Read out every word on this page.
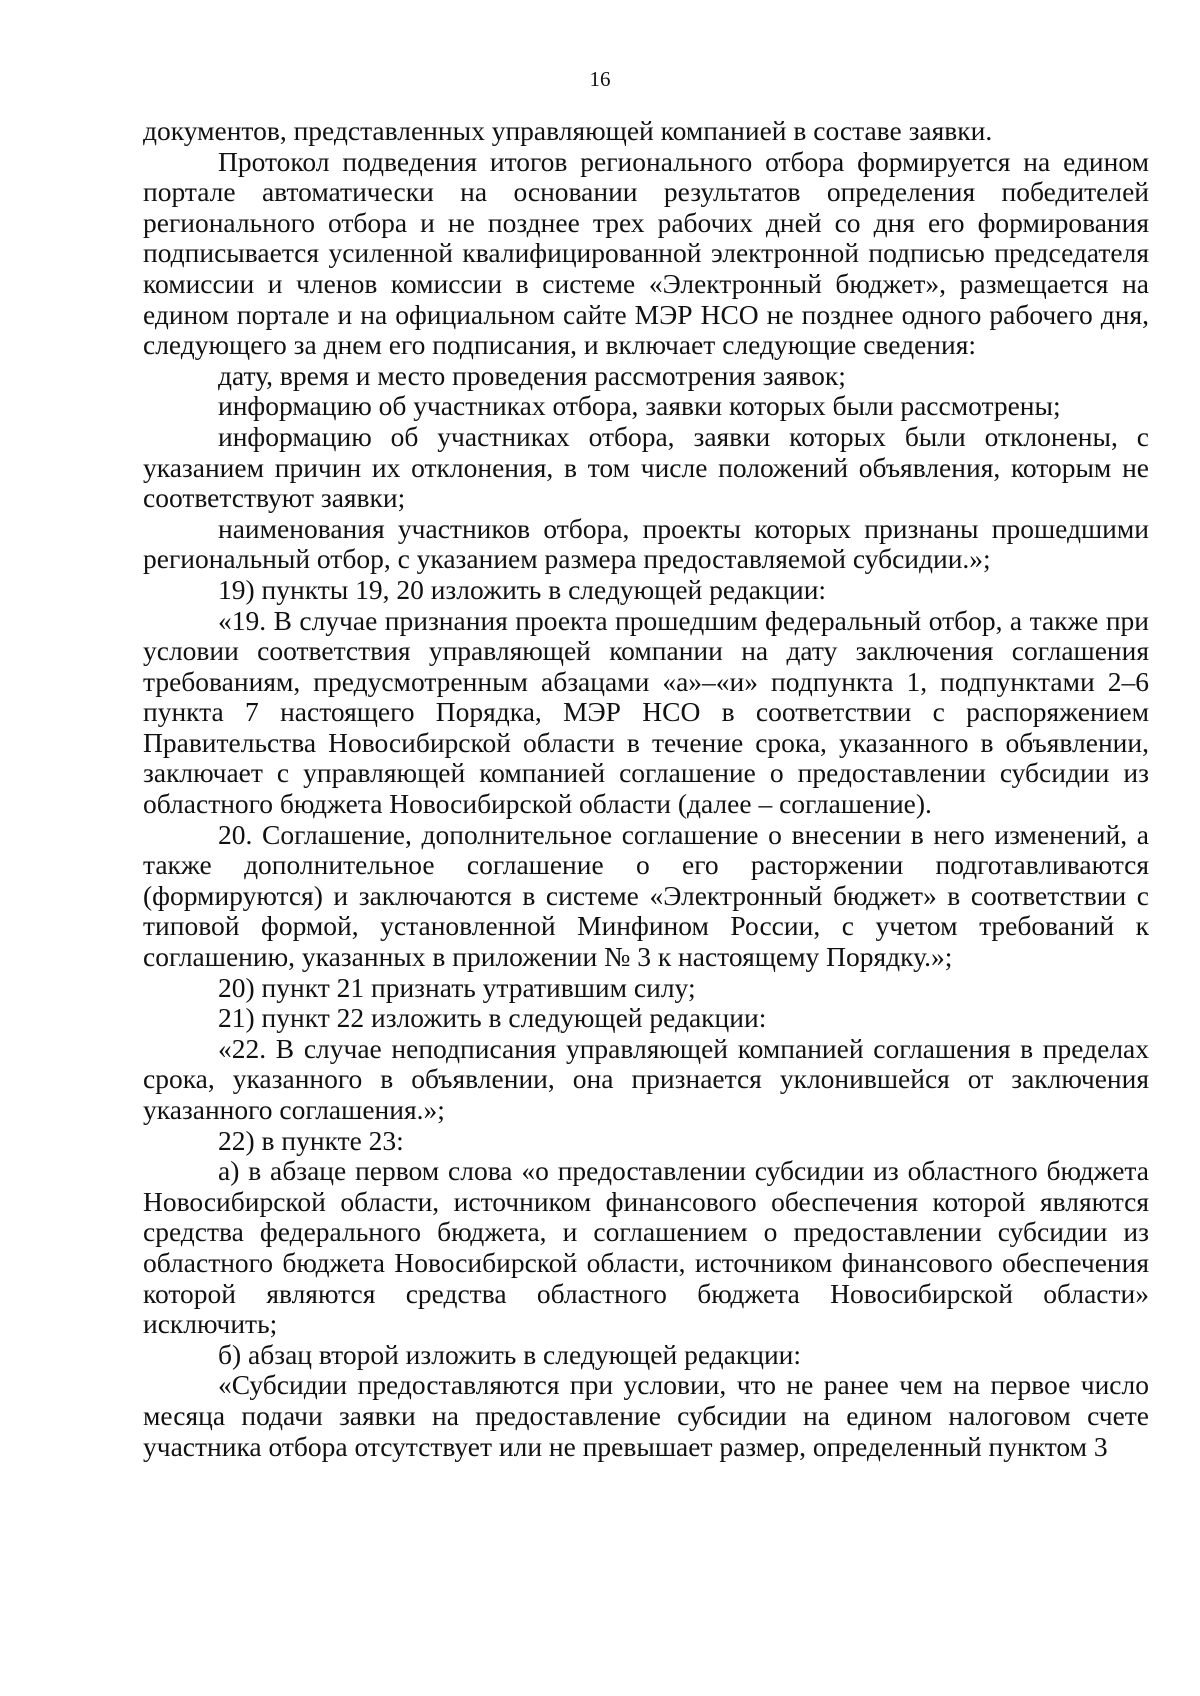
16

документов, представленных управляющей компанией в составе заявки.

Протокол подведения итогов регионального отбора формируется на едином портале автоматически на основании результатов определения победителей регионального отбора и не позднее трех рабочих дней со дня его формирования подписывается усиленной квалифицированной электронной подписью председателя комиссии и членов комиссии в системе «Электронный бюджет», размещается на едином портале и на официальном сайте МЭР НСО не позднее одного рабочего дня, следующего за днем его подписания, и включает следующие сведения:

дату, время и место проведения рассмотрения заявок;

информацию об участниках отбора, заявки которых были рассмотрены;

информацию об участниках отбора, заявки которых были отклонены, с указанием причин их отклонения, в том числе положений объявления, которым не соответствуют заявки;

наименования участников отбора, проекты которых признаны прошедшими региональный отбор, с указанием размера предоставляемой субсидии.»;

19) пункты 19, 20 изложить в следующей редакции:

«19. В случае признания проекта прошедшим федеральный отбор, а также при условии соответствия управляющей компании на дату заключения соглашения требованиям, предусмотренным абзацами «а»–«и» подпункта 1, подпунктами 2–6 пункта 7 настоящего Порядка, МЭР НСО в соответствии с распоряжением Правительства Новосибирской области в течение срока, указанного в объявлении, заключает с управляющей компанией соглашение о предоставлении субсидии из областного бюджета Новосибирской области (далее – соглашение).

20. Соглашение, дополнительное соглашение о внесении в него изменений, а также дополнительное соглашение о его расторжении подготавливаются (формируются) и заключаются в системе «Электронный бюджет» в соответствии с типовой формой, установленной Минфином России, с учетом требований к соглашению, указанных в приложении № 3 к настоящему Порядку.»;

20) пункт 21 признать утратившим силу;

21) пункт 22 изложить в следующей редакции:

«22. В случае неподписания управляющей компанией соглашения в пределах срока, указанного в объявлении, она признается уклонившейся от заключения указанного соглашения.»;

22) в пункте 23:

а) в абзаце первом слова «о предоставлении субсидии из областного бюджета Новосибирской области, источником финансового обеспечения которой являются средства федерального бюджета, и соглашением о предоставлении субсидии из областного бюджета Новосибирской области, источником финансового обеспечения которой являются средства областного бюджета Новосибирской области» исключить;

б) абзац второй изложить в следующей редакции:

«Субсидии предоставляются при условии, что не ранее чем на первое число месяца подачи заявки на предоставление субсидии на едином налоговом счете участника отбора отсутствует или не превышает размер, определенный пунктом 3
